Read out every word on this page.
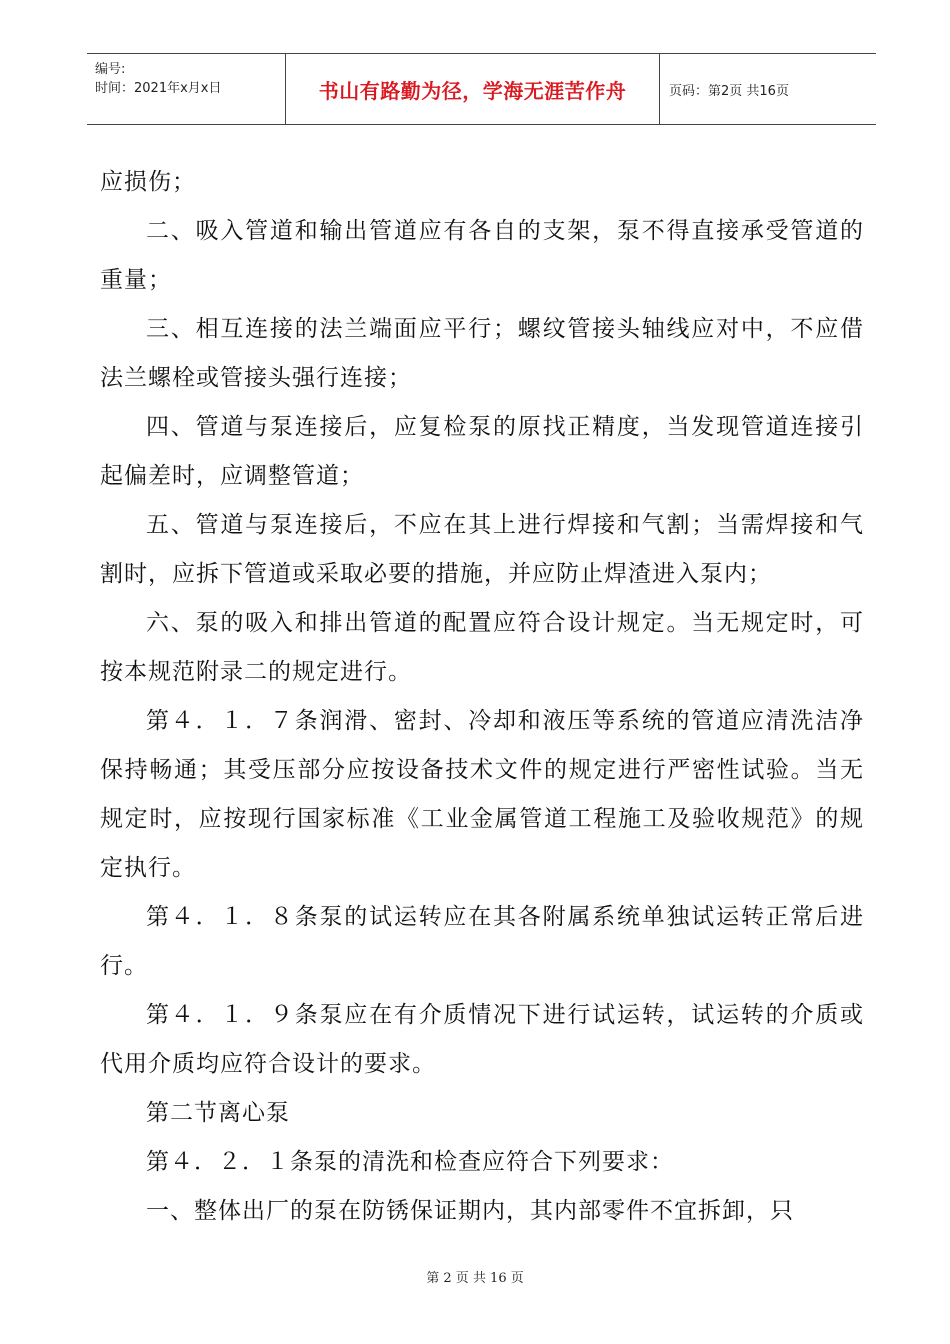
编号:
时间：2021年x月x日	书山有路勤为径，学海无涯苦作舟	页码：第2页 共16页

应损伤；

二、吸入管道和输出管道应有各自的支架，泵不得直接承受管道的重量；

三、相互连接的法兰端面应平行；螺纹管接头轴线应对中，不应借法兰螺栓或管接头强行连接；

四、管道与泵连接后，应复检泵的原找正精度，当发现管道连接引起偏差时，应调整管道；

五、管道与泵连接后，不应在其上进行焊接和气割；当需焊接和气割时，应拆下管道或采取必要的措施，并应防止焊渣进入泵内；

六、泵的吸入和排出管道的配置应符合设计规定。当无规定时，可按本规范附录二的规定进行。

第４．１．７条润滑、密封、冷却和液压等系统的管道应清洗洁净保持畅通；其受压部分应按设备技术文件的规定进行严密性试验。当无规定时，应按现行国家标准《工业金属管道工程施工及验收规范》的规定执行。

第４．１．８条泵的试运转应在其各附属系统单独试运转正常后进行。

第４．１．９条泵应在有介质情况下进行试运转，试运转的介质或代用介质均应符合设计的要求。

第二节离心泵

第４．２．１条泵的清洗和检查应符合下列要求：

一、整体出厂的泵在防锈保证期内，其内部零件不宜拆卸，只

第 2 页 共 16 页
